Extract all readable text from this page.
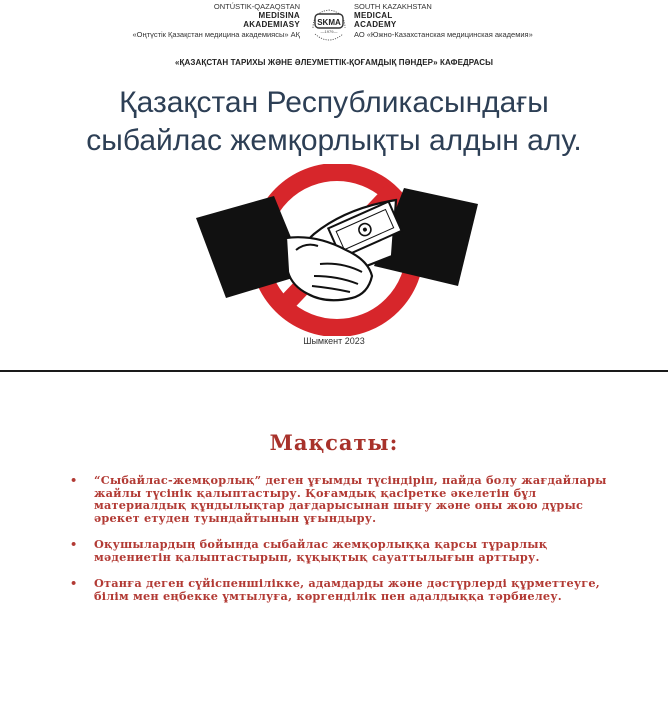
ONTÚSTIK-QAZAQSTAN
MEDISINA
AKADEMIASY
«Оңтүстік Қазақстан медицина академиясы» АҚ
SKMA
—1979—
SOUTH KAZAKHSTAN
MEDICAL
ACADEMY
АО «Южно-Казахстанская медицинская академия»
«ҚАЗАҚСТАН ТАРИХЫ ЖӘНЕ ӘЛЕУМЕТТІК-ҚОҒАМДЫҚ ПӘНДЕР» КАФЕДРАСЫ
Қазақстан Республикасындағы
сыбайлас жемқорлықты алдын алу.
Шымкент 2023
Мақсаты:
• “Сыбайлас-жемқорлық” деген ұғымды түсіндіріп, пайда болу жағдайлары жайлы түсінік қалыптастыру. Қоғамдық қасіретке әкелетін бұл материалдық құндылықтар дағдарысынан шығу және оны жою дұрыс әрекет етуден туындайтынын ұғындыру.
• Оқушылардың бойында сыбайлас жемқорлыққа қарсы тұрарлық мәдениетін қалыптастырып, құқықтық сауаттылығын арттыру.
• Отанға деген сүйіспеншілікке, адамдарды және дәстүрлерді құрметтеуге, білім мен еңбекке ұмтылуға, көргенділік пен адалдыққа тәрбиелеу.
